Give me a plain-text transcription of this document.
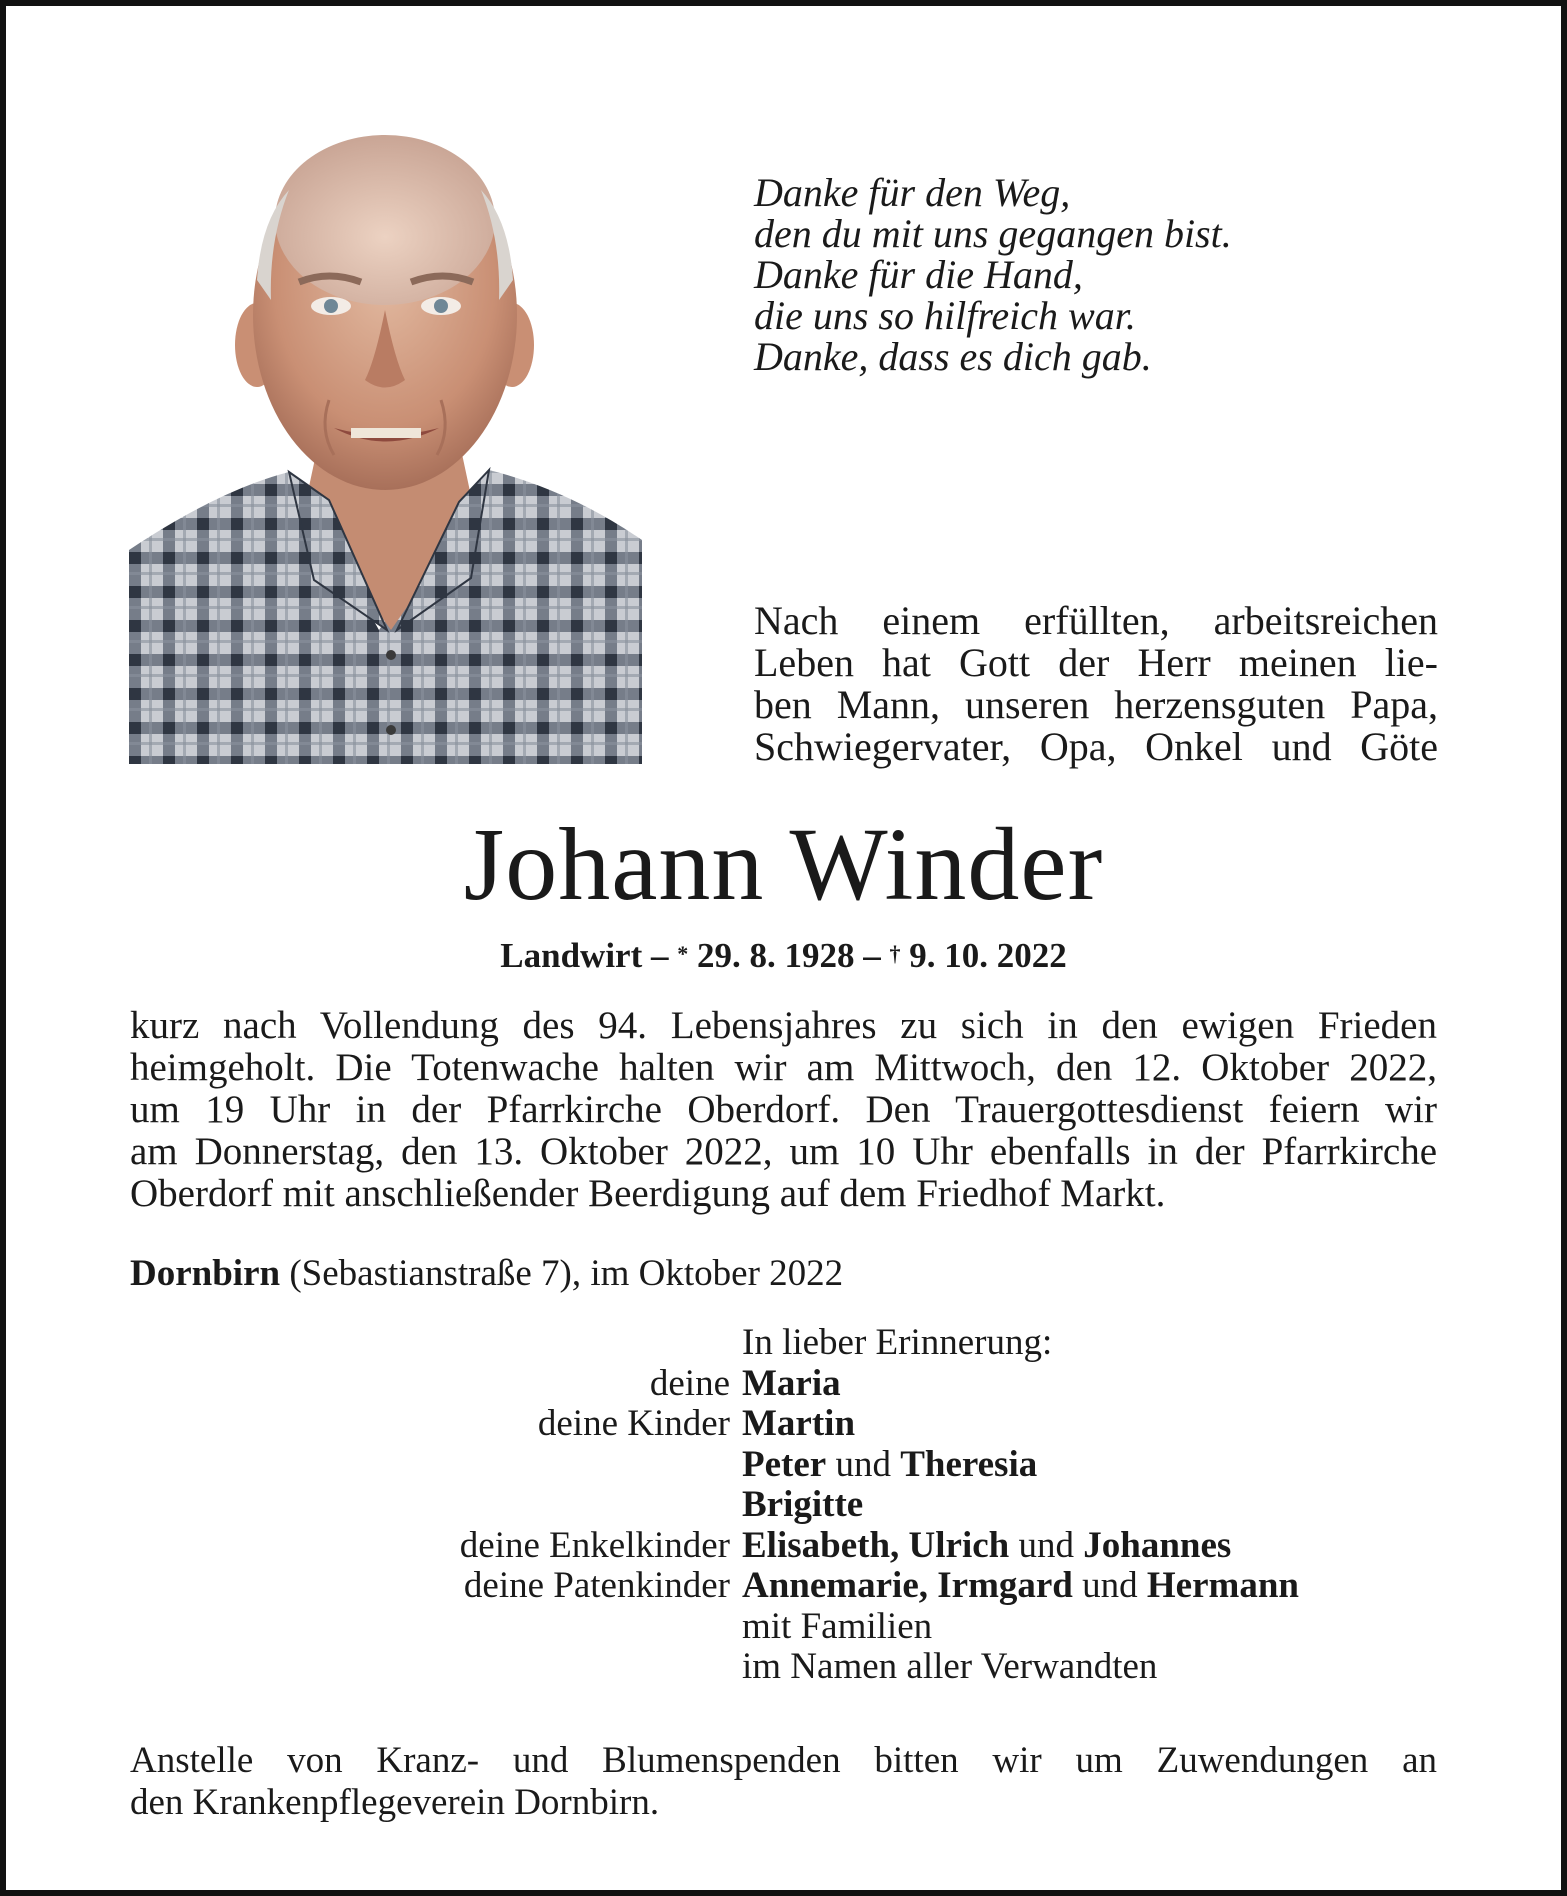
Danke für den Weg,
den du mit uns gegangen bist.
Danke für die Hand,
die uns so hilfreich war.
Danke, dass es dich gab.
Nach einem erfüllten, arbeitsreichen
Leben hat Gott der Herr meinen lie-
ben Mann, unseren herzensguten Papa,
Schwiegervater, Opa, Onkel und Göte
Johann Winder
Landwirt – * 29. 8. 1928 – † 9. 10. 2022
kurz nach Vollendung des 94. Lebensjahres zu sich in den ewigen Frieden
heimgeholt. Die Totenwache halten wir am Mittwoch, den 12. Oktober 2022,
um 19 Uhr in der Pfarrkirche Oberdorf. Den Trauergottesdienst feiern wir
am Donnerstag, den 13. Oktober 2022, um 10 Uhr ebenfalls in der Pfarrkirche
Oberdorf mit anschließender Beerdigung auf dem Friedhof Markt.
Dornbirn (Sebastianstraße 7), im Oktober 2022
In lieber Erinnerung:
deine Maria
deine Kinder Martin
Peter und Theresia
Brigitte
deine Enkelkinder Elisabeth, Ulrich und Johannes
deine Patenkinder Annemarie, Irmgard und Hermann
mit Familien
im Namen aller Verwandten
Anstelle von Kranz- und Blumenspenden bitten wir um Zuwendungen an
den Krankenpflegeverein Dornbirn.
